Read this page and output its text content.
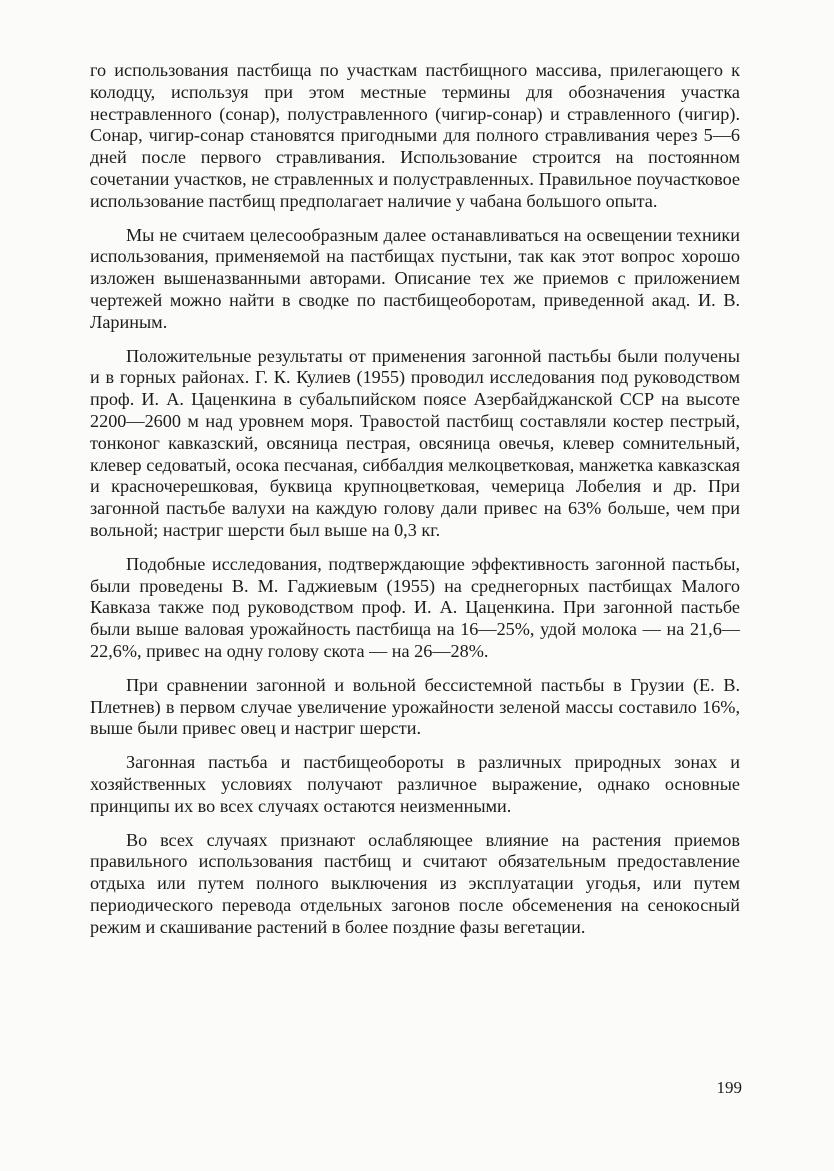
го использования пастбища по участкам пастбищного массива, прилегающего к колодцу, используя при этом местные термины для обозначения участка нестравленного (сонар), полустравленного (чигир-сонар) и стравленного (чигир). Сонар, чигир-сонар становятся пригодными для полного стравливания через 5—6 дней после первого стравливания. Использование строится на постоянном сочетании участков, не стравленных и полустравленных. Правильное поучастковое использование пастбищ предполагает наличие у чабана большого опыта.

Мы не считаем целесообразным далее останавливаться на освещении техники использования, применяемой на пастбищах пустыни, так как этот вопрос хорошо изложен вышеназванными авторами. Описание тех же приемов с приложением чертежей можно найти в сводке по пастбищеоборотам, приведенной акад. И. В. Лариным.

Положительные результаты от применения загонной пастьбы были получены и в горных районах. Г. К. Кулиев (1955) проводил исследования под руководством проф. И. А. Цаценкина в субальпийском поясе Азербайджанской ССР на высоте 2200—2600 м над уровнем моря. Травостой пастбищ составляли костер пестрый, тонконог кавказский, овсяница пестрая, овсяница овечья, клевер сомнительный, клевер седоватый, осока песчаная, сиббалдия мелкоцветковая, манжетка кавказская и красночерешковая, буквица крупноцветковая, чемерица Лобелия и др. При загонной пастьбе валухи на каждую голову дали привес на 63% больше, чем при вольной; настриг шерсти был выше на 0,3 кг.

Подобные исследования, подтверждающие эффективность загонной пастьбы, были проведены В. М. Гаджиевым (1955) на среднегорных пастбищах Малого Кавказа также под руководством проф. И. А. Цаценкина. При загонной пастьбе были выше валовая урожайность пастбища на 16—25%, удой молока — на 21,6—22,6%, привес на одну голову скота — на 26—28%.

При сравнении загонной и вольной бессистемной пастьбы в Грузии (Е. В. Плетнев) в первом случае увеличение урожайности зеленой массы составило 16%, выше были привес овец и настриг шерсти.

Загонная пастьба и пастбищеобороты в различных природных зонах и хозяйственных условиях получают различное выражение, однако основные принципы их во всех случаях остаются неизменными.

Во всех случаях признают ослабляющее влияние на растения приемов правильного использования пастбищ и считают обязательным предоставление отдыха или путем полного выключения из эксплуатации угодья, или путем периодического перевода отдельных загонов после обсеменения на сенокосный режим и скашивание растений в более поздние фазы вегетации.

199
